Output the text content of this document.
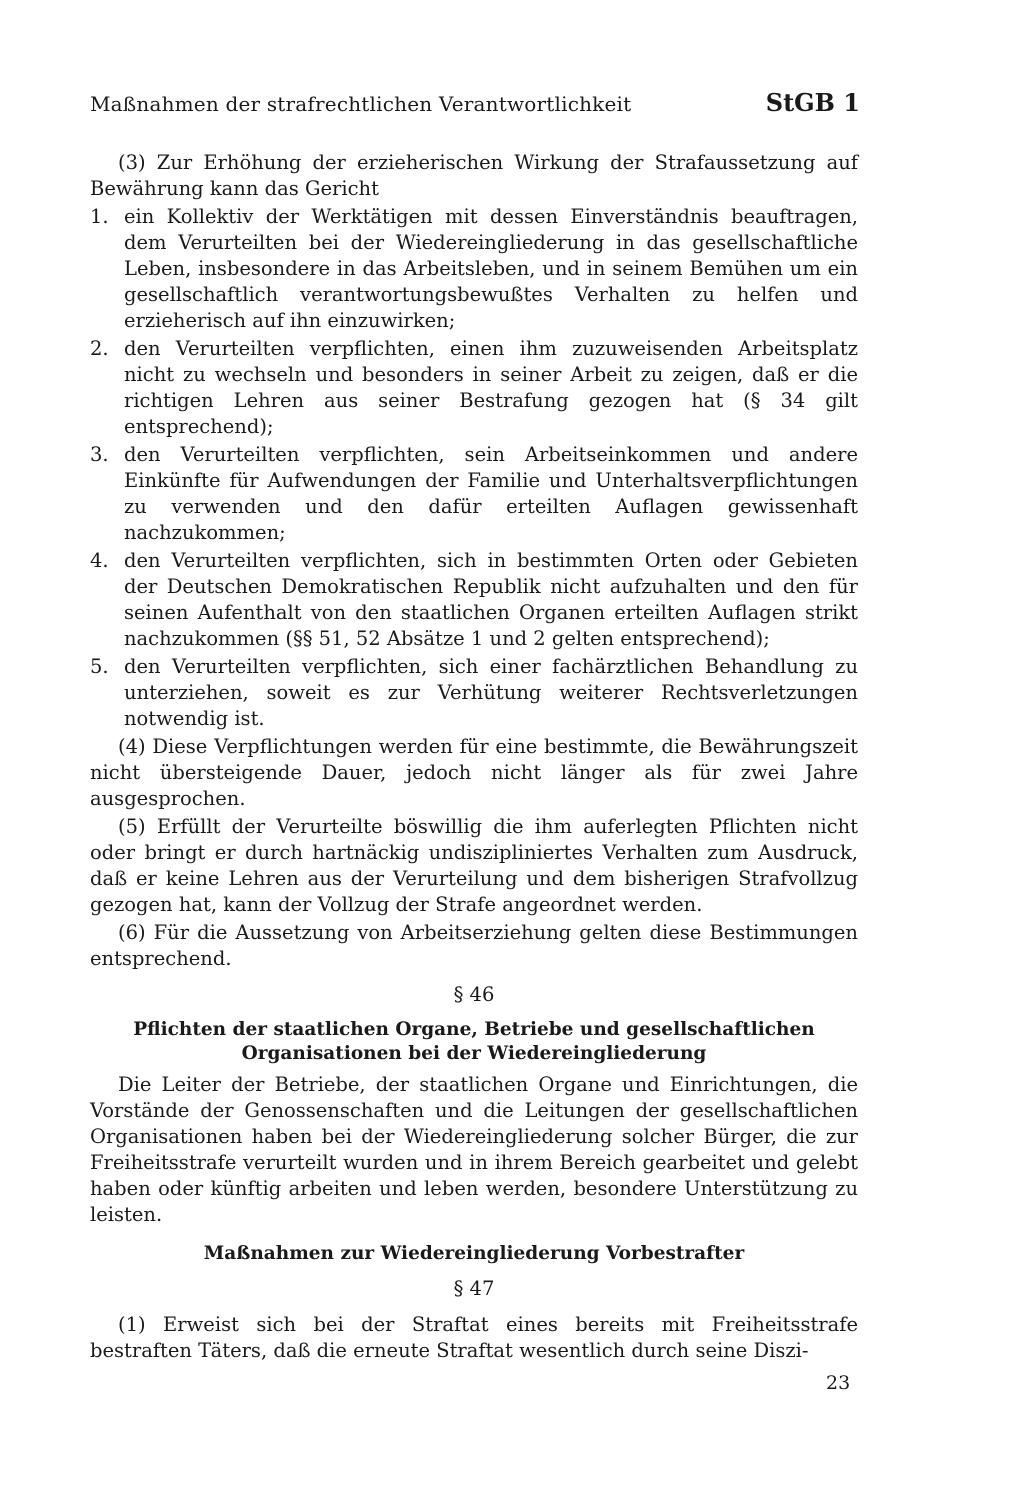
Maßnahmen der strafrechtlichen Verantwortlichkeit	StGB 1

(3) Zur Erhöhung der erzieherischen Wirkung der Strafaussetzung auf Bewährung kann das Gericht

1. ein Kollektiv der Werktätigen mit dessen Einverständnis beauftragen, dem Verurteilten bei der Wiedereingliederung in das gesellschaftliche Leben, insbesondere in das Arbeitsleben, und in seinem Bemühen um ein gesellschaftlich verantwortungsbewußtes Verhalten zu helfen und erzieherisch auf ihn einzuwirken;
2. den Verurteilten verpflichten, einen ihm zuzuweisenden Arbeitsplatz nicht zu wechseln und besonders in seiner Arbeit zu zeigen, daß er die richtigen Lehren aus seiner Bestrafung gezogen hat (§ 34 gilt entsprechend);
3. den Verurteilten verpflichten, sein Arbeitseinkommen und andere Einkünfte für Aufwendungen der Familie und Unterhaltsverpflichtungen zu verwenden und den dafür erteilten Auflagen gewissenhaft nachzukommen;
4. den Verurteilten verpflichten, sich in bestimmten Orten oder Gebieten der Deutschen Demokratischen Republik nicht aufzuhalten und den für seinen Aufenthalt von den staatlichen Organen erteilten Auflagen strikt nachzukommen (§§ 51, 52 Absätze 1 und 2 gelten entsprechend);
5. den Verurteilten verpflichten, sich einer fachärztlichen Behandlung zu unterziehen, soweit es zur Verhütung weiterer Rechtsverletzungen notwendig ist.

(4) Diese Verpflichtungen werden für eine bestimmte, die Bewährungszeit nicht übersteigende Dauer, jedoch nicht länger als für zwei Jahre ausgesprochen.

(5) Erfüllt der Verurteilte böswillig die ihm auferlegten Pflichten nicht oder bringt er durch hartnäckig undiszipliniertes Verhalten zum Ausdruck, daß er keine Lehren aus der Verurteilung und dem bisherigen Strafvollzug gezogen hat, kann der Vollzug der Strafe angeordnet werden.

(6) Für die Aussetzung von Arbeitserziehung gelten diese Bestimmungen entsprechend.

§ 46
Pflichten der staatlichen Organe, Betriebe und gesellschaftlichen
Organisationen bei der Wiedereingliederung

Die Leiter der Betriebe, der staatlichen Organe und Einrichtungen, die Vorstände der Genossenschaften und die Leitungen der gesellschaftlichen Organisationen haben bei der Wiedereingliederung solcher Bürger, die zur Freiheitsstrafe verurteilt wurden und in ihrem Bereich gearbeitet und gelebt haben oder künftig arbeiten und leben werden, besondere Unterstützung zu leisten.

Maßnahmen zur Wiedereingliederung Vorbestrafter
§ 47

(1) Erweist sich bei der Straftat eines bereits mit Freiheitsstrafe bestraften Täters, daß die erneute Straftat wesentlich durch seine Diszi-

23
